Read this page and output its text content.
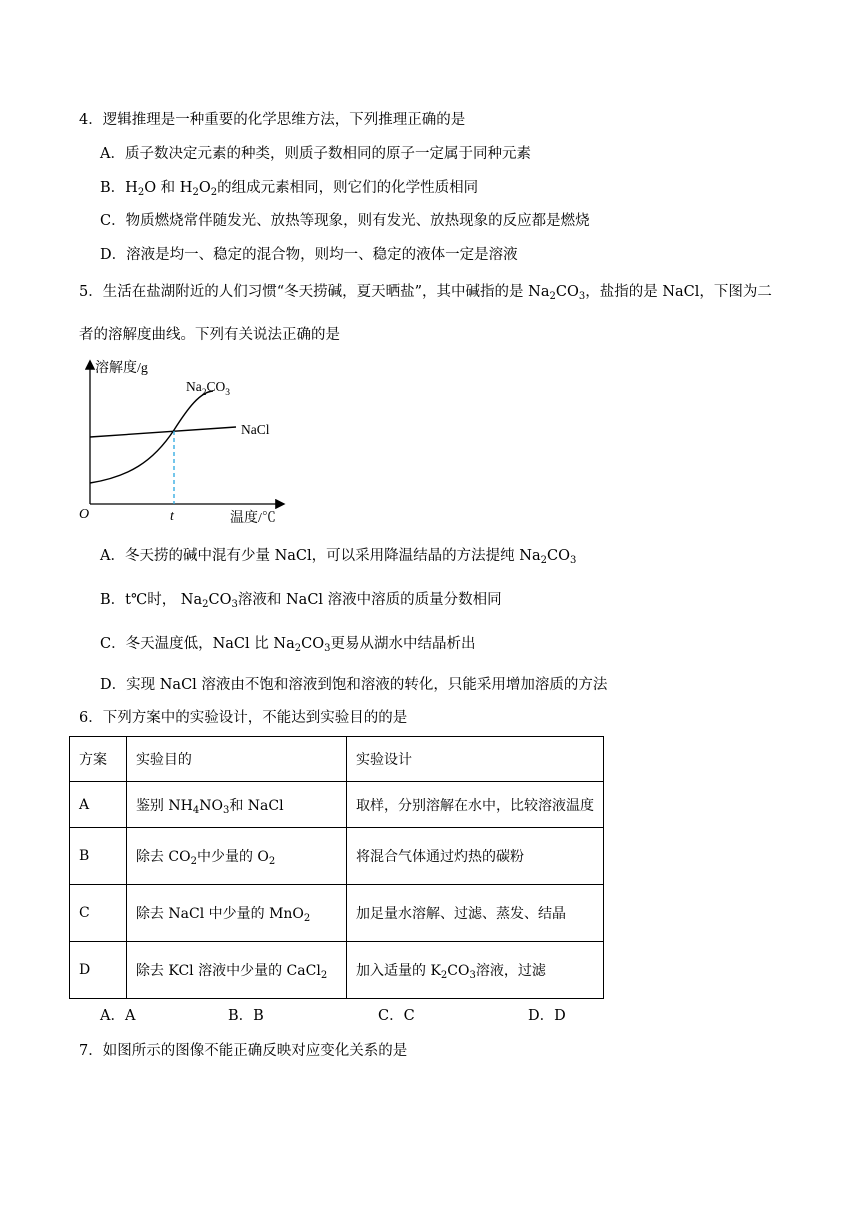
4．逻辑推理是一种重要的化学思维方法，下列推理正确的是
A．质子数决定元素的种类，则质子数相同的原子一定属于同种元素
B．$H_2O$ 和 $H_2O_2$的组成元素相同，则它们的化学性质相同
C．物质燃烧常伴随发光、放热等现象，则有发光、放热现象的反应都是燃烧
D．溶液是均一、稳定的混合物，则均一、稳定的液体一定是溶液
5．生活在盐湖附近的人们习惯“冬天捞碱，夏天晒盐”，其中碱指的是 $Na_2CO_3$，盐指的是 NaCl，下图为二
者的溶解度曲线。下列有关说法正确的是
溶解度/g
$Na_2CO_3$
NaCl
O	t	温度/℃
A．冬天捞的碱中混有少量 NaCl，可以采用降温结晶的方法提纯 $Na_2CO_3$
B．t℃时， $Na_2CO_3$溶液和 NaCl 溶液中溶质的质量分数相同
C．冬天温度低，NaCl 比 $Na_2CO_3$更易从湖水中结晶析出
D．实现 NaCl 溶液由不饱和溶液到饱和溶液的转化，只能采用增加溶质的方法
6．下列方案中的实验设计，不能达到实验目的的是
方案	实验目的	实验设计
A	鉴别 $NH_4NO_3$和 NaCl	取样，分别溶解在水中，比较溶液温度
B	除去 $CO_2$中少量的 $O_2$	将混合气体通过灼热的碳粉
C	除去 NaCl 中少量的 MnO$_2$	加足量水溶解、过滤、蒸发、结晶
D	除去 KCl 溶液中少量的 CaCl$_2$	加入适量的 $K_2CO_3$溶液，过滤
A．A	B．B	C．C	D．D
7．如图所示的图像不能正确反映对应变化关系的是
